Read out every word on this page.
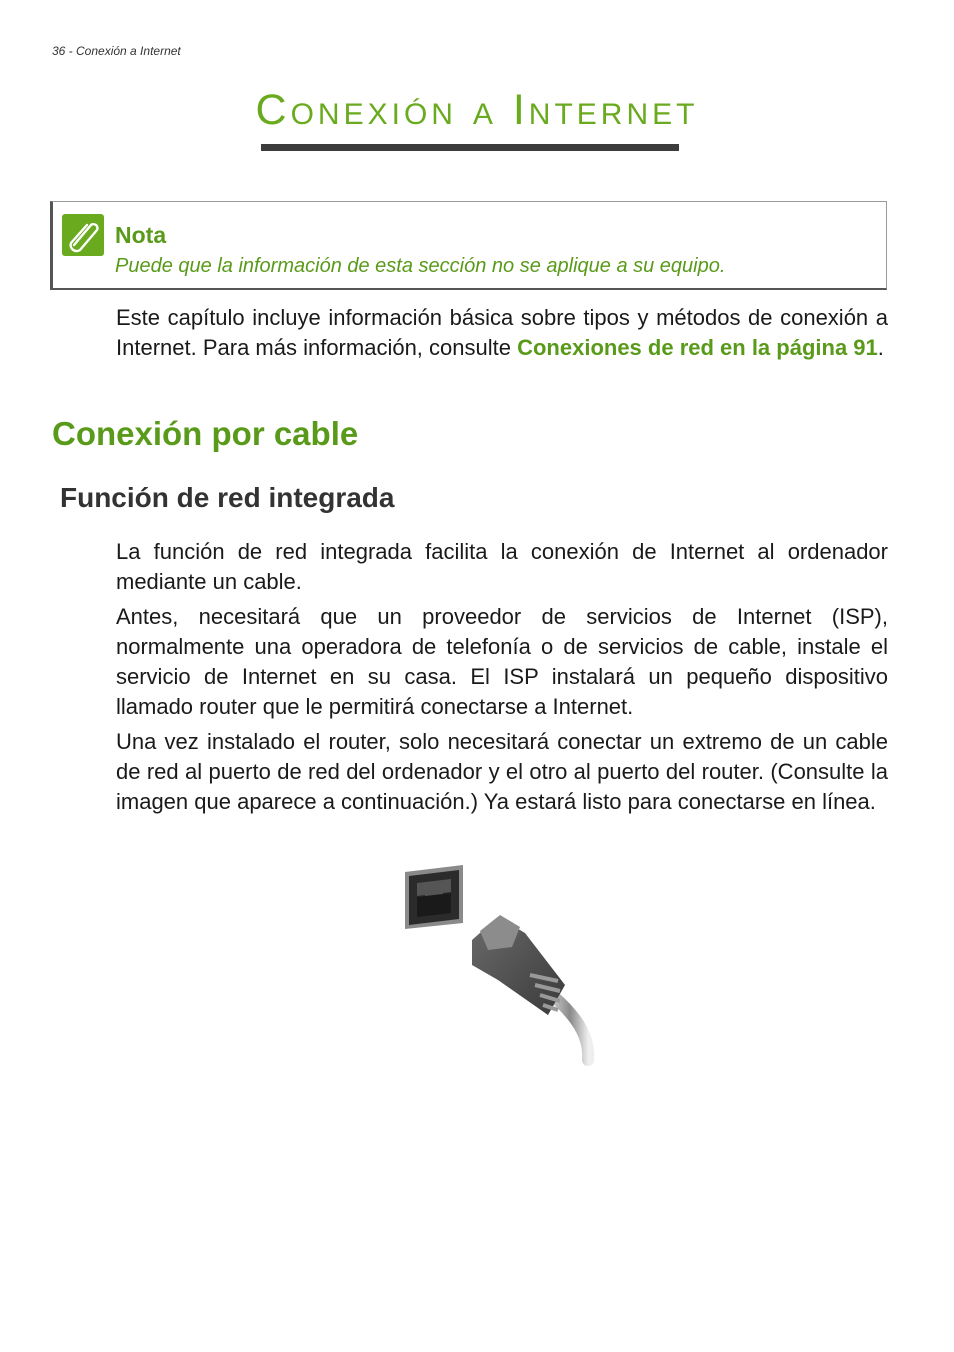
36 - Conexión a Internet
Conexión a Internet
Nota
Puede que la información de esta sección no se aplique a su equipo.

Este capítulo incluye información básica sobre tipos y métodos de conexión a Internet. Para más información, consulte Conexiones de red en la página 91.

Conexión por cable
Función de red integrada

La función de red integrada facilita la conexión de Internet al ordenador mediante un cable.

Antes, necesitará que un proveedor de servicios de Internet (ISP), normalmente una operadora de telefonía o de servicios de cable, instale el servicio de Internet en su casa. El ISP instalará un pequeño dispositivo llamado router que le permitirá conectarse a Internet.

Una vez instalado el router, solo necesitará conectar un extremo de un cable de red al puerto de red del ordenador y el otro al puerto del router. (Consulte la imagen que aparece a continuación.) Ya estará listo para conectarse en línea.
